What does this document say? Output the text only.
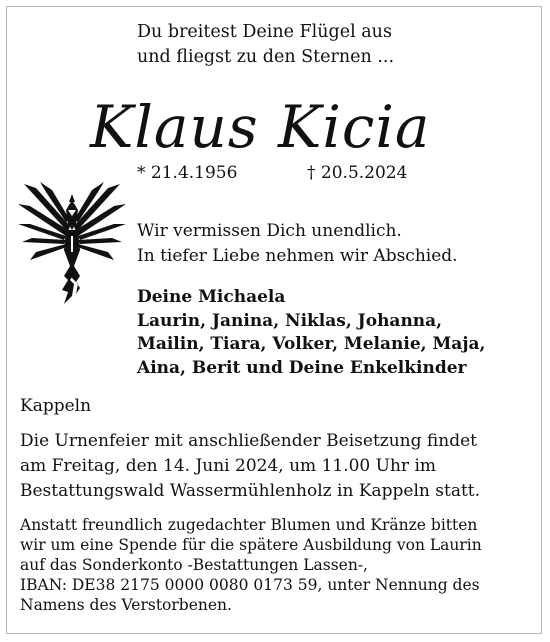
Du breitest Deine Flügel aus
und fliegst zu den Sternen ...
Klaus Kicia
* 21.4.1956	† 20.5.2024
Wir vermissen Dich unendlich.
In tiefer Liebe nehmen wir Abschied.
Deine Michaela
Laurin, Janina, Niklas, Johanna,
Mailin, Tiara, Volker, Melanie, Maja,
Aina, Berit und Deine Enkelkinder
Kappeln
Die Urnenfeier mit anschließender Beisetzung findet
am Freitag, den 14. Juni 2024, um 11.00 Uhr im
Bestattungswald Wassermühlenholz in Kappeln statt.
Anstatt freundlich zugedachter Blumen und Kränze bitten
wir um eine Spende für die spätere Ausbildung von Laurin
auf das Sonderkonto -Bestattungen Lassen-,
IBAN: DE38 2175 0000 0080 0173 59, unter Nennung des
Namens des Verstorbenen.
